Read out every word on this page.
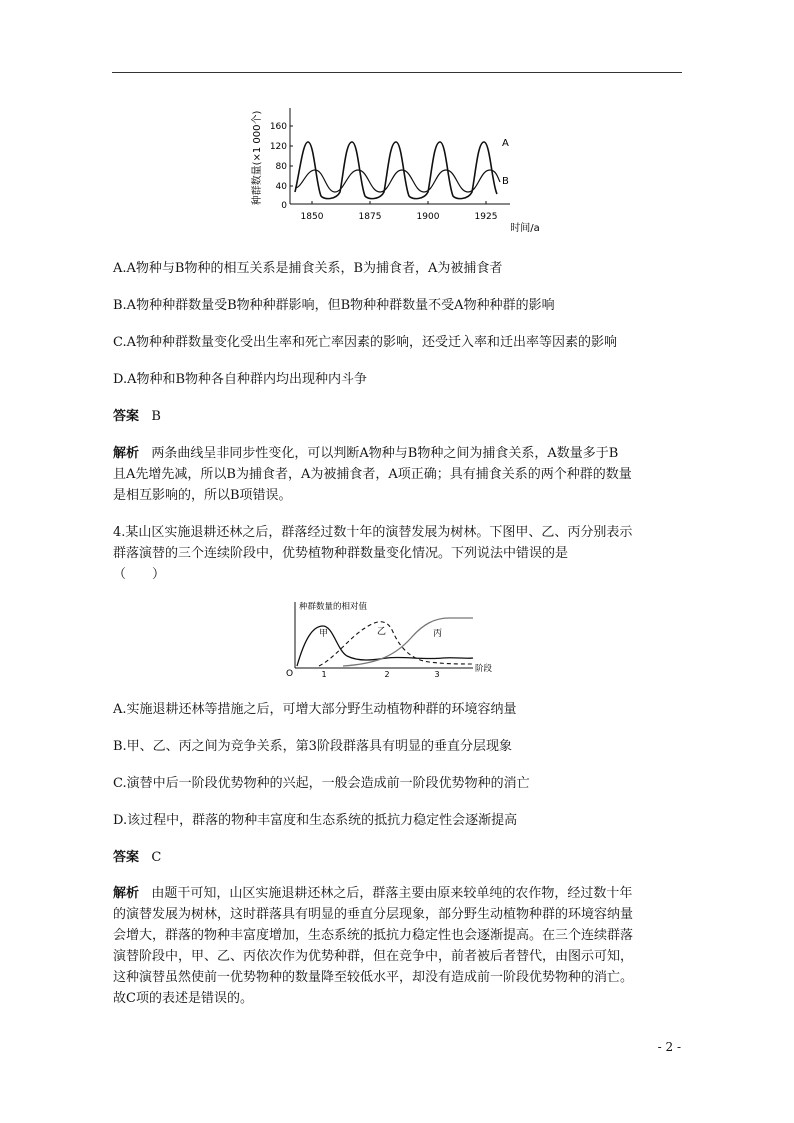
种群数量(×1 000个) 160
120
80
40
0
1850	1875	1900	1925
时间/a
A
B
A.A物种与B物种的相互关系是捕食关系，B为捕食者，A为被捕食者
B.A物种种群数量受B物种种群影响，但B物种种群数量不受A物种种群的影响
C.A物种种群数量变化受出生率和死亡率因素的影响，还受迁入率和迁出率等因素的影响
D.A物种和B物种各自种群内均出现种内斗争
答案 B
解析 两条曲线呈非同步性变化，可以判断A物种与B物种之间为捕食关系，A数量多于B
且A先增先减，所以B为捕食者，A为被捕食者，A项正确；具有捕食关系的两个种群的数量
是相互影响的，所以B项错误。
4.某山区实施退耕还林之后，群落经过数十年的演替发展为树林。下图甲、乙、丙分别表示
群落演替的三个连续阶段中，优势植物种群数量变化情况。下列说法中错误的是
（　　）
种群数量的相对值
O	1	2	3
阶段
甲	乙	丙
A.实施退耕还林等措施之后，可增大部分野生动植物种群的环境容纳量
B.甲、乙、丙之间为竞争关系，第3阶段群落具有明显的垂直分层现象
C.演替中后一阶段优势物种的兴起，一般会造成前一阶段优势物种的消亡
D.该过程中，群落的物种丰富度和生态系统的抵抗力稳定性会逐渐提高
答案 C
解析 由题干可知，山区实施退耕还林之后，群落主要由原来较单纯的农作物，经过数十年
的演替发展为树林，这时群落具有明显的垂直分层现象，部分野生动植物种群的环境容纳量
会增大，群落的物种丰富度增加，生态系统的抵抗力稳定性也会逐渐提高。在三个连续群落
演替阶段中，甲、乙、丙依次作为优势种群，但在竞争中，前者被后者替代，由图示可知，
这种演替虽然使前一优势物种的数量降至较低水平，却没有造成前一阶段优势物种的消亡。
故C项的表述是错误的。
- 2 -
